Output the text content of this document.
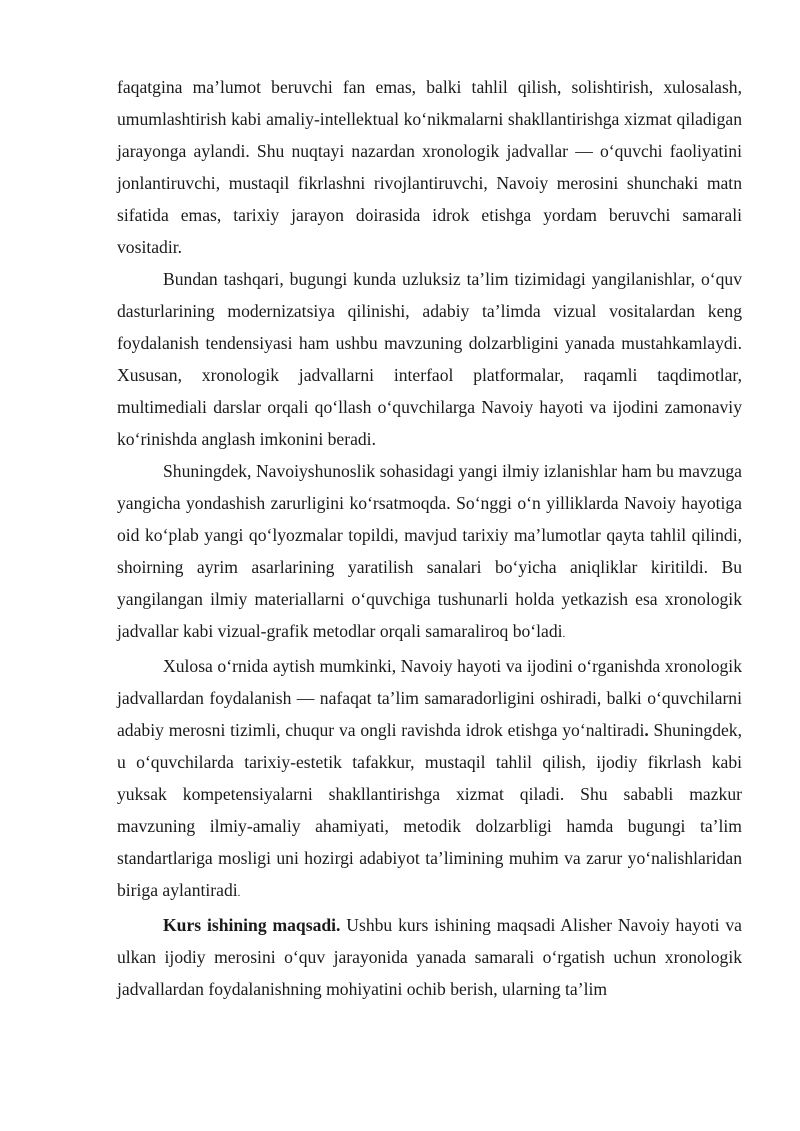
faqatgina ma’lumot beruvchi fan emas, balki tahlil qilish, solishtirish, xulosalash, umumlashtirish kabi amaliy-intellektual ko‘nikmalarni shakllantirishga xizmat qiladigan jarayonga aylandi. Shu nuqtayi nazardan xronologik jadvallar — o‘quvchi faoliyatini jonlantiruvchi, mustaqil fikrlashni rivojlantiruvchi, Navoiy merosini shunchaki matn sifatida emas, tarixiy jarayon doirasida idrok etishga yordam beruvchi samarali vositadir.

Bundan tashqari, bugungi kunda uzluksiz ta’lim tizimidagi yangilanishlar, o‘quv dasturlarining modernizatsiya qilinishi, adabiy ta’limda vizual vositalardan keng foydalanish tendensiyasi ham ushbu mavzuning dolzarbligini yanada mustahkamlaydi. Xususan, xronologik jadvallarni interfaol platformalar, raqamli taqdimotlar, multimediali darslar orqali qo‘llash o‘quvchilarga Navoiy hayoti va ijodini zamonaviy ko‘rinishda anglash imkonini beradi.

Shuningdek, Navoiyshunoslik sohasidagi yangi ilmiy izlanishlar ham bu mavzuga yangicha yondashish zarurligini ko‘rsatmoqda. So‘nggi o‘n yilliklarda Navoiy hayotiga oid ko‘plab yangi qo‘lyozmalar topildi, mavjud tarixiy ma’lumotlar qayta tahlil qilindi, shoirning ayrim asarlarining yaratilish sanalari bo‘yicha aniqliklar kiritildi. Bu yangilangan ilmiy materiallarni o‘quvchiga tushunarli holda yetkazish esa xronologik jadvallar kabi vizual-grafik metodlar orqali samaraliroq bo‘ladi.

Xulosa o‘rnida aytish mumkinki, Navoiy hayoti va ijodini o‘rganishda xronologik jadvallardan foydalanish — nafaqat ta’lim samaradorligini oshiradi, balki o‘quvchilarni adabiy merosni tizimli, chuqur va ongli ravishda idrok etishga yo‘naltiradi. Shuningdek, u o‘quvchilarda tarixiy-estetik tafakkur, mustaqil tahlil qilish, ijodiy fikrlash kabi yuksak kompetensiyalarni shakllantirishga xizmat qiladi. Shu sababli mazkur mavzuning ilmiy-amaliy ahamiyati, metodik dolzarbligi hamda bugungi ta’lim standartlariga mosligi uni hozirgi adabiyot ta’limining muhim va zarur yo‘nalishlaridan biriga aylantiradi.

Kurs ishining maqsadi. Ushbu kurs ishining maqsadi Alisher Navoiy hayoti va ulkan ijodiy merosini o‘quv jarayonida yanada samarali o‘rgatish uchun xronologik jadvallardan foydalanishning mohiyatini ochib berish, ularning ta’lim
